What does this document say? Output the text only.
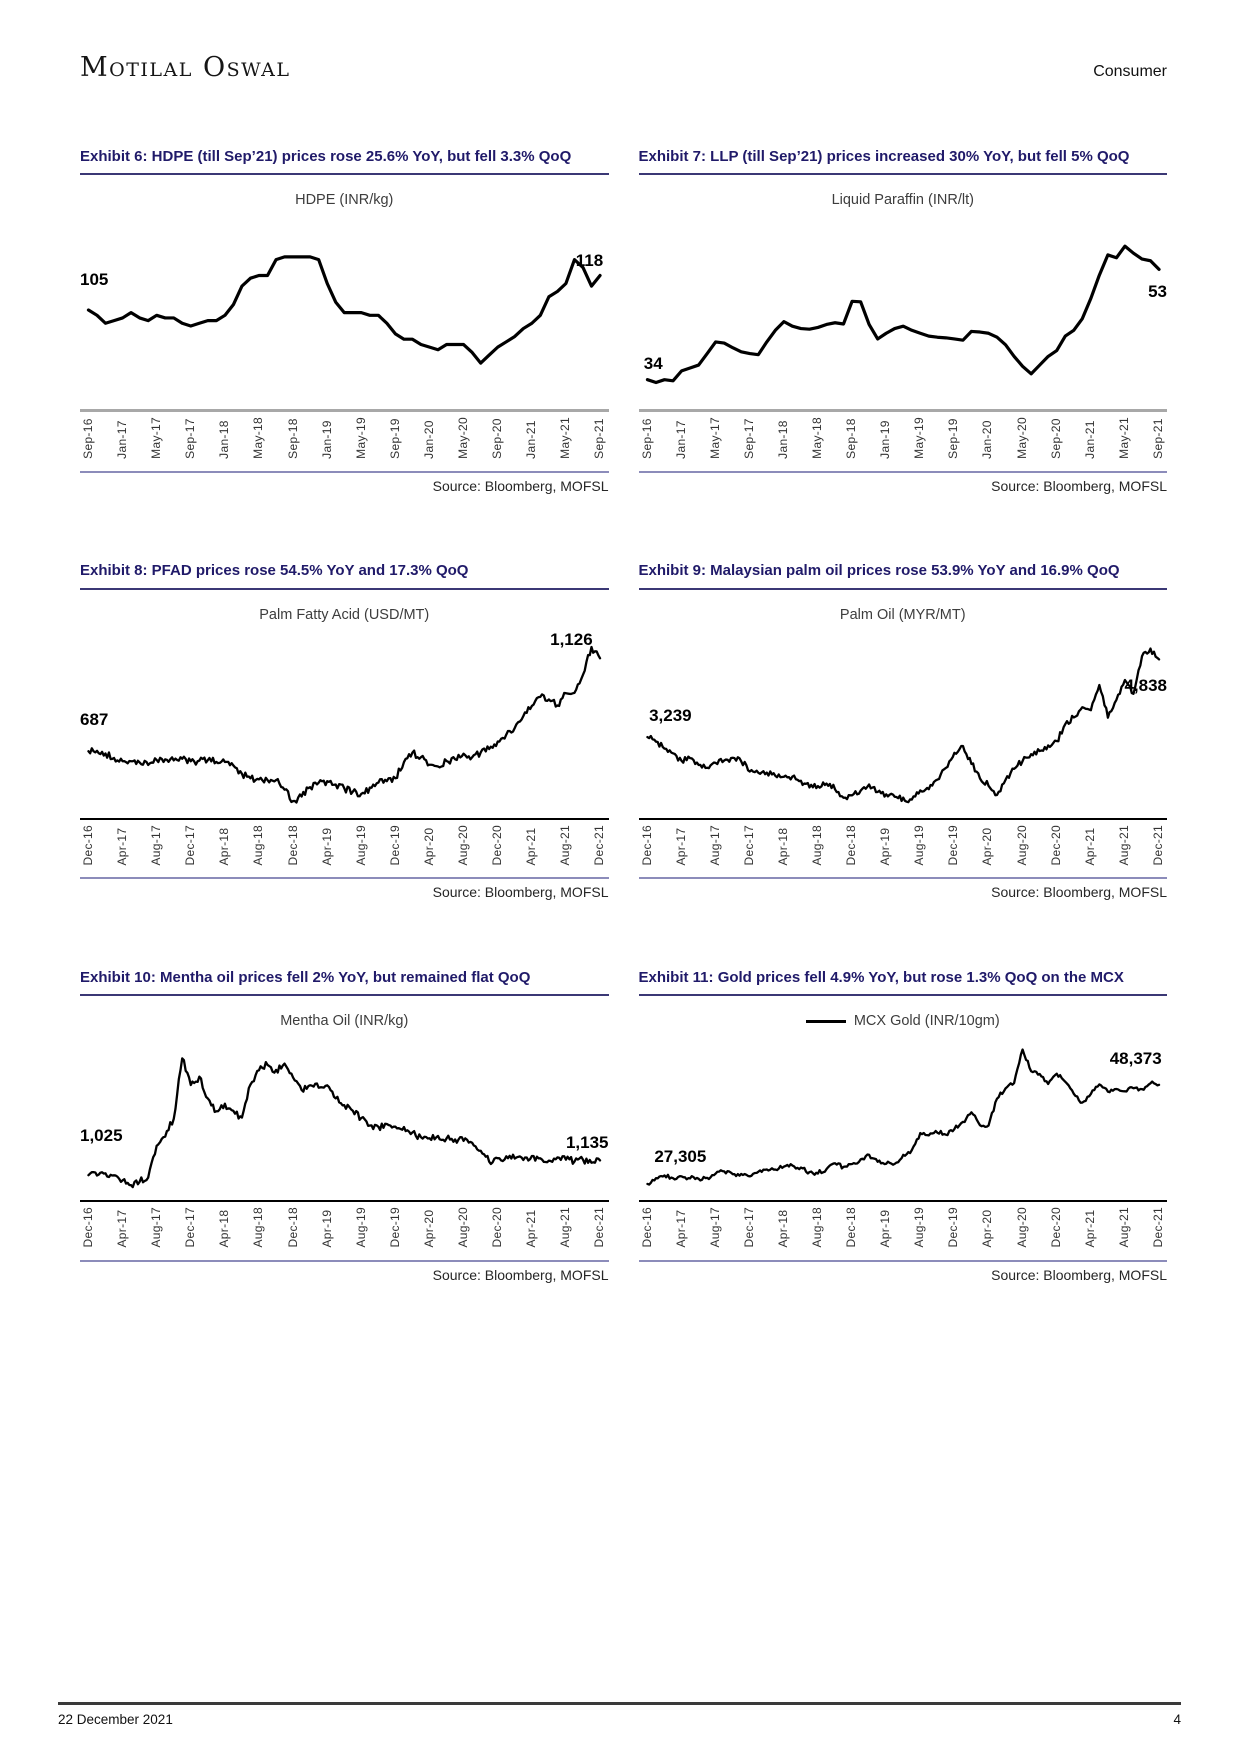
Motilal Oswal	Consumer
Exhibit 6: HDPE (till Sep’21) prices rose 25.6% YoY, but fell 3.3% QoQ
HDPE (INR/kg)
105
118
Sep-16 Jan-17 May-17 Sep-17 Jan-18 May-18 Sep-18 Jan-19 May-19 Sep-19 Jan-20 May-20 Sep-20 Jan-21 May-21 Sep-21
Source: Bloomberg, MOFSL
Exhibit 7: LLP (till Sep’21) prices increased 30% YoY, but fell 5% QoQ
Liquid Paraffin (INR/lt)
34
53
Sep-16 Jan-17 May-17 Sep-17 Jan-18 May-18 Sep-18 Jan-19 May-19 Sep-19 Jan-20 May-20 Sep-20 Jan-21 May-21 Sep-21
Source: Bloomberg, MOFSL
Exhibit 8: PFAD prices rose 54.5% YoY and 17.3% QoQ
Palm Fatty Acid (USD/MT)
687
1,126
Dec-16 Apr-17 Aug-17 Dec-17 Apr-18 Aug-18 Dec-18 Apr-19 Aug-19 Dec-19 Apr-20 Aug-20 Dec-20 Apr-21 Aug-21 Dec-21
Source: Bloomberg, MOFSL
Exhibit 9: Malaysian palm oil prices rose 53.9% YoY and 16.9% QoQ
Palm Oil (MYR/MT)
3,239
4,838
Dec-16 Apr-17 Aug-17 Dec-17 Apr-18 Aug-18 Dec-18 Apr-19 Aug-19 Dec-19 Apr-20 Aug-20 Dec-20 Apr-21 Aug-21 Dec-21
Source: Bloomberg, MOFSL
Exhibit 10: Mentha oil prices fell 2% YoY, but remained flat QoQ
Mentha Oil (INR/kg)
1,025	1,135
Dec-16 Apr-17 Aug-17 Dec-17 Apr-18 Aug-18 Dec-18 Apr-19 Aug-19 Dec-19 Apr-20 Aug-20 Dec-20 Apr-21 Aug-21 Dec-21
Source: Bloomberg, MOFSL
Exhibit 11: Gold prices fell 4.9% YoY, but rose 1.3% QoQ on the MCX
MCX Gold (INR/10gm)
27,305
48,373
Dec-16 Apr-17 Aug-17 Dec-17 Apr-18 Aug-18 Dec-18 Apr-19 Aug-19 Dec-19 Apr-20 Aug-20 Dec-20 Apr-21 Aug-21 Dec-21
Source: Bloomberg, MOFSL
22 December 2021	4
